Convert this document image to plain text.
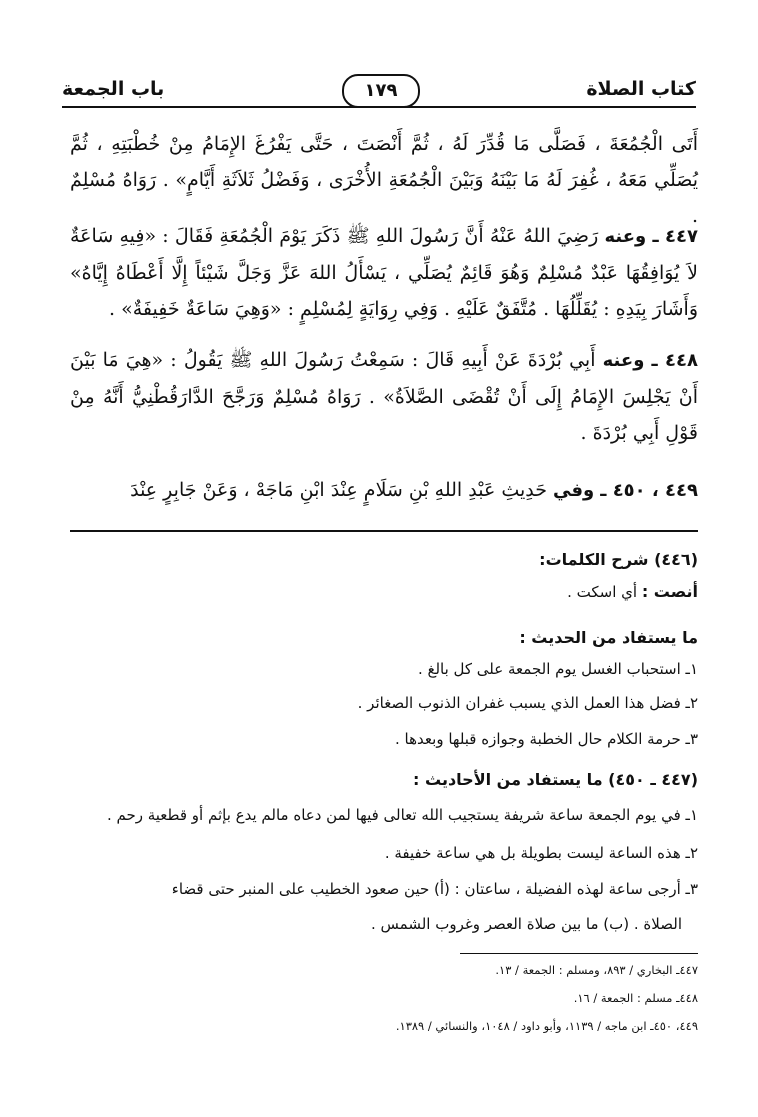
كتاب الصلاة
١٧٩
باب الجمعة
أَتَى الْجُمُعَةَ ، فَصَلَّى مَا قُدِّرَ لَهُ ، ثُمَّ أَنْصَتَ ، حَتَّى يَفْرُغَ الإِمَامُ مِنْ خُطْبَتِهِ ، ثُمَّ يُصَلِّي مَعَهُ ، غُفِرَ لَهُ مَا بَيْنَهُ وَبَيْنَ الْجُمُعَةِ الأُخْرَى ، وَفَضْلُ ثَلاَثَةِ أَيَّامٍ» . رَوَاهُ مُسْلِمٌ .
٤٤٧ ـ وعنه رَضِيَ اللهُ عَنْهُ أَنَّ رَسُولَ اللهِ ﷺ ذَكَرَ يَوْمَ الْجُمُعَةِ فَقَالَ : «فِيهِ سَاعَةٌ لاَ يُوَافِقُهَا عَبْدٌ مُسْلِمٌ وَهُوَ قَائِمٌ يُصَلِّي ، يَسْأَلُ اللهَ عَزَّ وَجَلَّ شَيْئاً إِلَّا أَعْطَاهُ إِيَّاهُ» وَأَشَارَ بِيَدِهِ : يُقَلِّلُهَا . مُتَّفَقٌ عَلَيْهِ . وَفِي رِوَايَةٍ لِمُسْلِمٍ : «وَهِيَ سَاعَةٌ خَفِيفَةٌ» .
٤٤٨ ـ وعنه أَبِي بُرْدَةَ عَنْ أَبِيهِ قَالَ : سَمِعْتُ رَسُولَ اللهِ ﷺ يَقُولُ : «هِيَ مَا بَيْنَ أَنْ يَجْلِسَ الإِمَامُ إِلَى أَنْ تُقْضَى الصَّلاَةُ» . رَوَاهُ مُسْلِمٌ وَرَجَّحَ الدَّارَقُطْنِيُّ أَنَّهُ مِنْ قَوْلِ أَبِي بُرْدَةَ .
٤٤٩ ، ٤٥٠ ـ وفي حَدِيثِ عَبْدِ اللهِ بْنِ سَلَامٍ عِنْدَ ابْنِ مَاجَهْ ، وَعَنْ جَابِرٍ عِنْدَ
(٤٤٦) شرح الكلمات:
أنصت : أي اسكت .
ما يستفاد من الحديث :
١ـ استحباب الغسل يوم الجمعة على كل بالغ .
٢ـ فضل هذا العمل الذي يسبب غفران الذنوب الصغائر .
٣ـ حرمة الكلام حال الخطبة وجوازه قبلها وبعدها .
(٤٤٧ ـ ٤٥٠) ما يستفاد من الأحاديث :
١ـ في يوم الجمعة ساعة شريفة يستجيب الله تعالى فيها لمن دعاه مالم يدع بإثم أو قطعية رحم .
٢ـ هذه الساعة ليست بطويلة بل هي ساعة خفيفة .
٣ـ أرجى ساعة لهذه الفضيلة ، ساعتان : (أ) حين صعود الخطيب على المنبر حتى قضاء
الصلاة . (ب) ما بين صلاة العصر وغروب الشمس .
٤٤٧ـ البخاري / ٨٩٣، ومسلم : الجمعة / ١٣.
٤٤٨ـ مسلم : الجمعة / ١٦.
٤٤٩، ٤٥٠ـ ابن ماجه / ١١٣٩، وأبو داود / ١٠٤٨، والنسائي / ١٣٨٩.
